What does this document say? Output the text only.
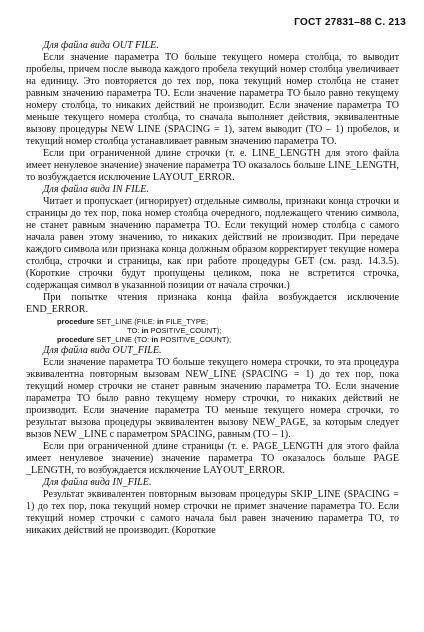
ГОСТ 27831–88 С. 213

Для файла вида OUT FILE.

Если значение параметра TO больше текущего номера столбца, то выводит пробелы, причем после вывода каждого пробела текущий номер столбца увеличивает на единицу. Это повторяется до тех пор, пока текущий номер столбца не станет равным значению параметра TO. Если значение параметра TO было равно текущему номеру столбца, то никаких действий не производит. Если значение параметра TO меньше текущего номера столбца, то сначала выполняет действия, эквивалентные вызову процедуры NEW LINE (SPACING = 1), затем выводит (TO – 1) пробелов, и текущий номер столбца устанавливает равным значению параметра TO.

Если при ограниченной длине строчки (т. е. LINE_LENGTH для этого файла имеет ненулевое значение) значение параметра TO оказалось больше LINE_LENGTH, то возбуждается исключение LAYOUT_ERROR.

Для файла вида IN FILE.

Читает и пропускает (игнорирует) отдельные символы, признаки конца строчки и страницы до тех пор, пока номер столбца очередного, подлежащего чтению символа, не станет равным значению параметра TO. Если текущий номер столбца с самого начала равен этому значению, то никаких действий не производит. При передаче каждого символа или признака конца должным образом корректирует текущие номера столбца, строчки и страницы, как при работе процедуры GET (см. разд. 14.3.5). (Короткие строчки будут пропущены целиком, пока не встретится строчка, содержащая символ в указанной позиции от начала строчки.)

При попытке чтения признака конца файла возбуждается исключение END_ERROR.

procedure SET_LINE (FILE: in FILE_TYPE;
TO: in POSITIVE_COUNT);
procedure SET_LINE (TO: in POSITIVE_COUNT);

Для файла вида OUT_FILE.

Если значение параметра TO больше текущего номера строчки, то эта процедура эквивалентна повторным вызовам NEW_LINE (SPACING = 1) до тех пор, пока текущий номер строчки не станет равным значению параметра TO. Если значение параметра TO было равно текущему номеру строчки, то никаких действий не производит. Если значение параметра TO меньше текущего номера строчки, то результат вызова процедуры эквивалентен вызову NEW_PAGE, за которым следует вызов NEW _LINE с параметром SPACING, равным (TO – 1).

Если при ограниченной длине страницы (т. е. PAGE_LENGTH для этого файла имеет ненулевое значение) значение параметра TO оказалось больше PAGE _LENGTH, то возбуждается исключение LAYOUT_ERROR.

Для файла вида IN_FILE.

Результат эквивалентен повторным вызовам процедуры SKIP_LINE (SPACING = 1) до тех пор, пока текущий номер строчки не примет значение параметра TO. Если текущий номер строчки с самого начала был равен значению параметра TO, то никаких действий не производит. (Короткие
